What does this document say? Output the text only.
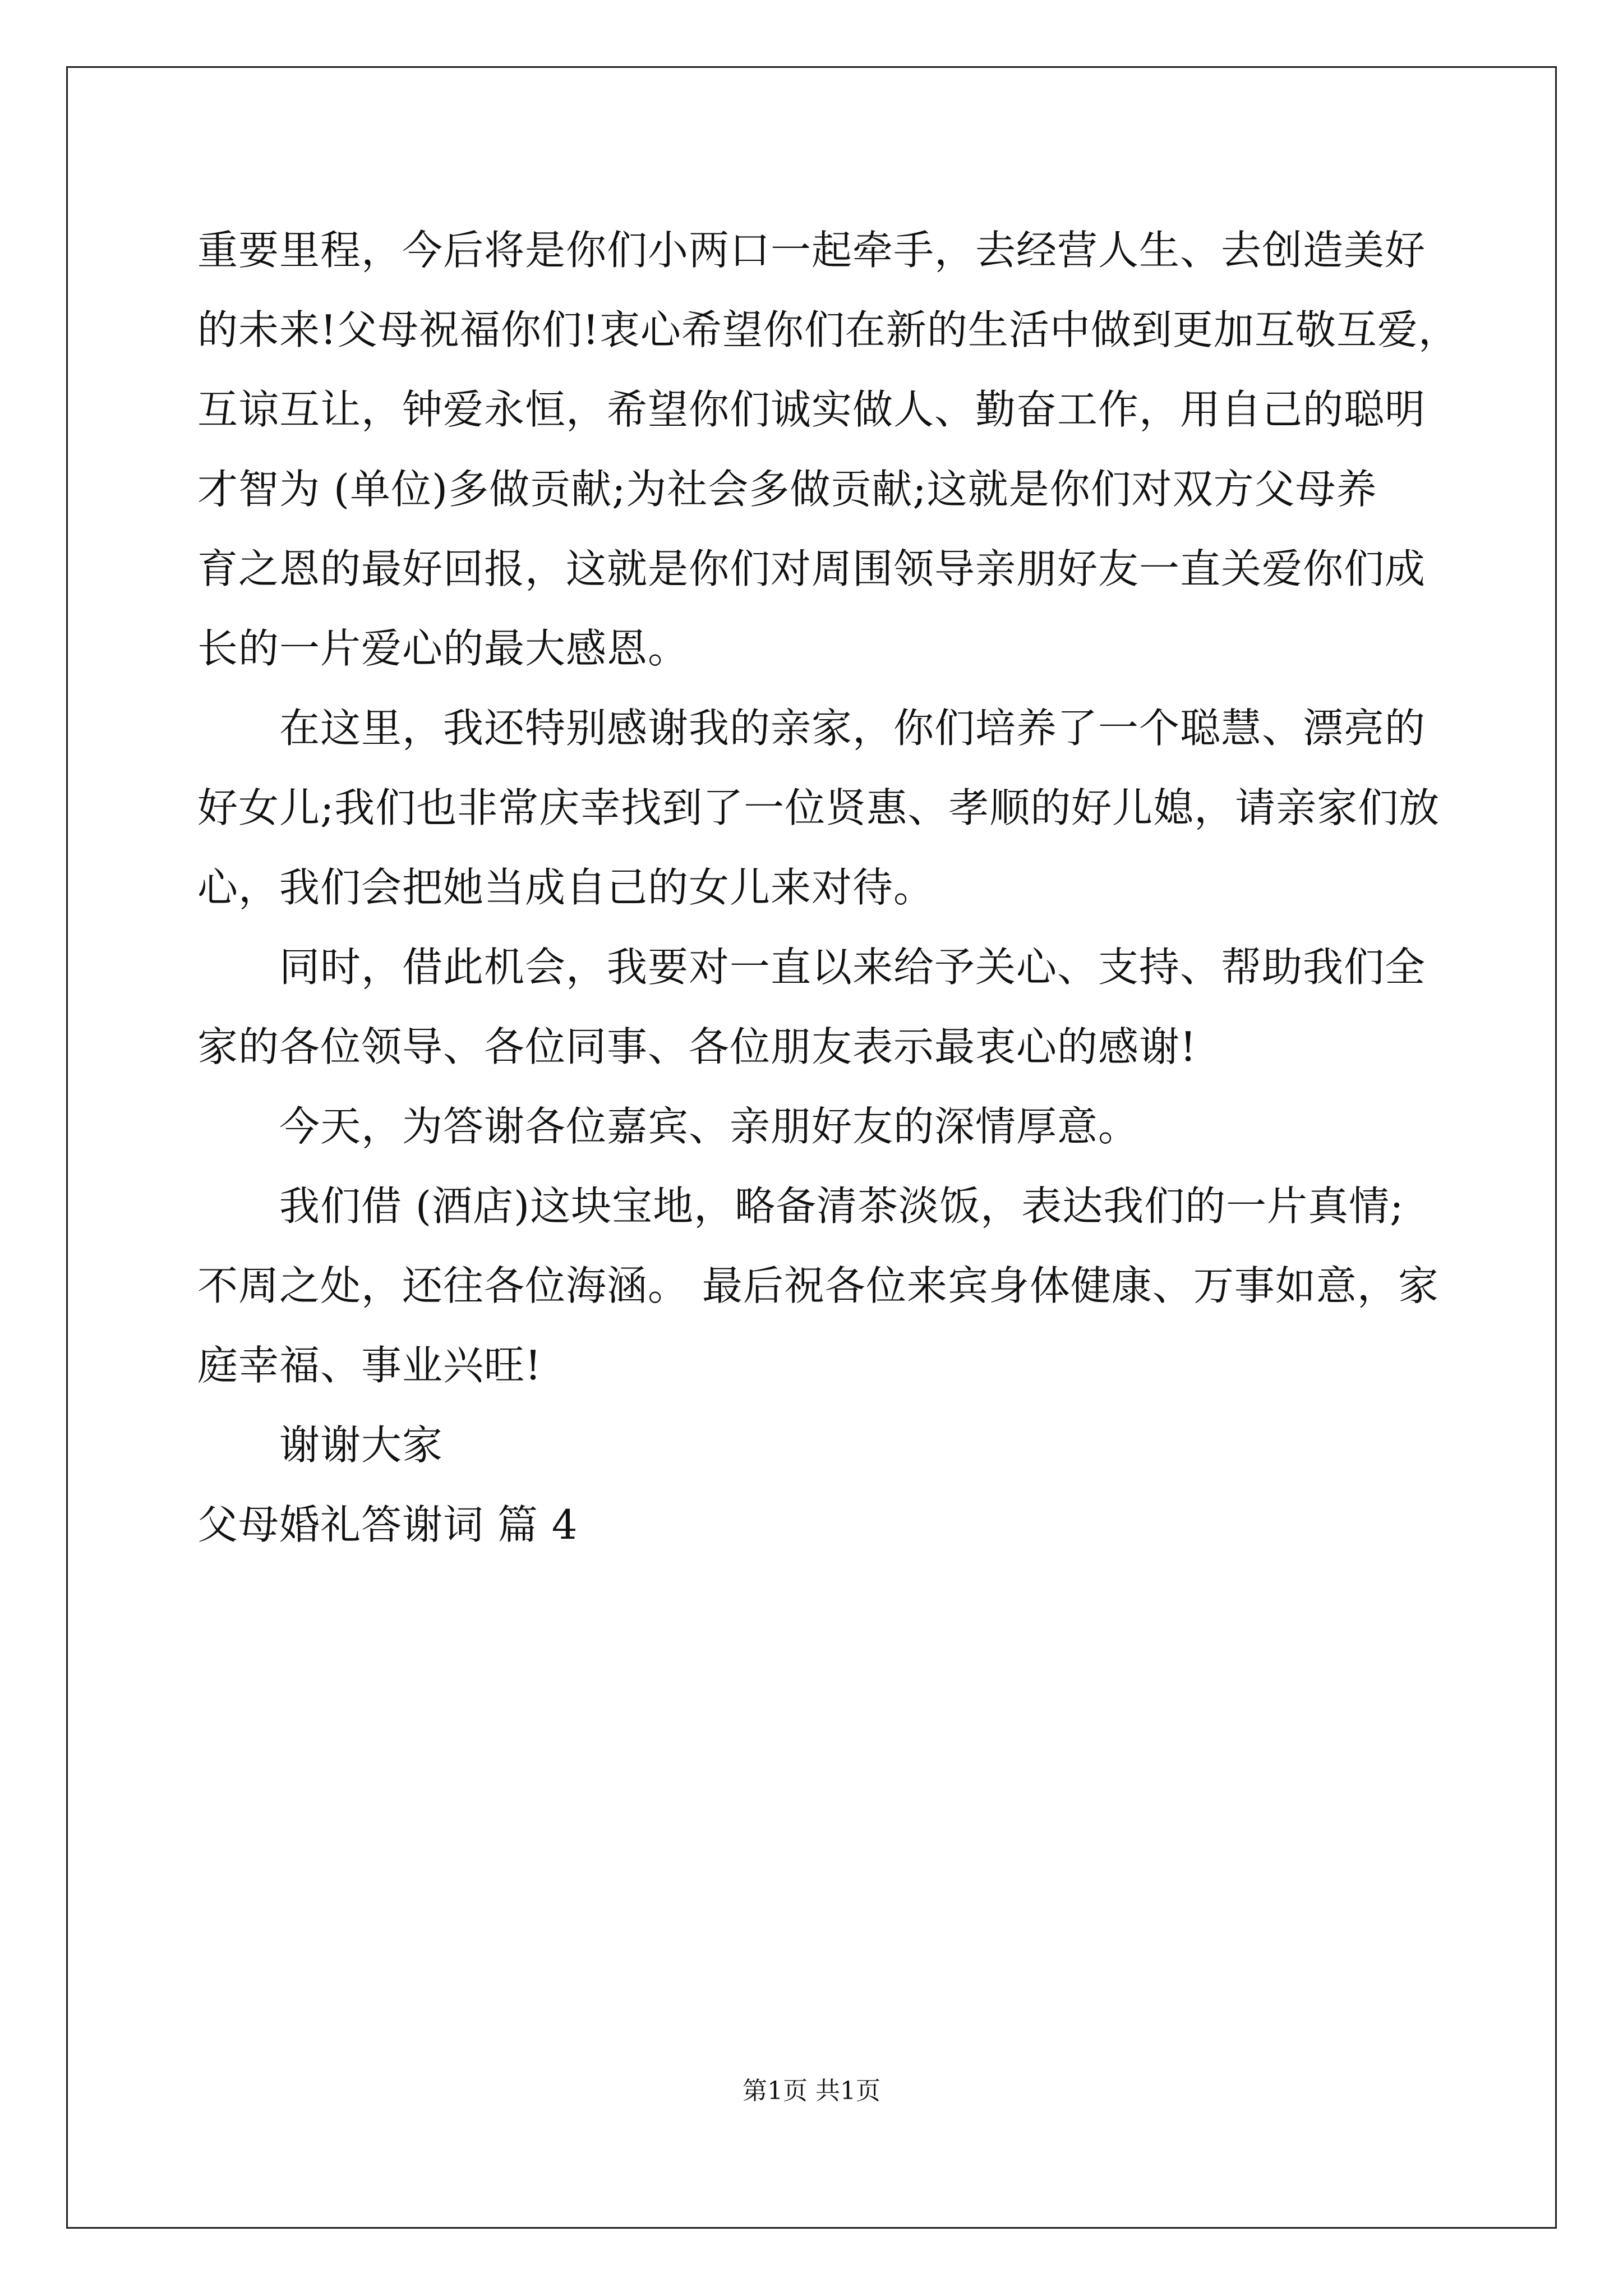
重要里程，今后将是你们小两口一起牵手，去经营人生、去创造美好
的未来!父母祝福你们!衷心希望你们在新的生活中做到更加互敬互爱，
互谅互让，钟爱永恒，希望你们诚实做人、勤奋工作，用自己的聪明
才智为 (单位)多做贡献;为社会多做贡献;这就是你们对双方父母养
育之恩的最好回报，这就是你们对周围领导亲朋好友一直关爱你们成
长的一片爱心的最大感恩。
在这里，我还特别感谢我的亲家，你们培养了一个聪慧、漂亮的
好女儿;我们也非常庆幸找到了一位贤惠、孝顺的好儿媳，请亲家们放
心，我们会把她当成自己的女儿来对待。
同时，借此机会，我要对一直以来给予关心、支持、帮助我们全
家的各位领导、各位同事、各位朋友表示最衷心的感谢!
今天，为答谢各位嘉宾、亲朋好友的深情厚意。
我们借 (酒店)这块宝地，略备清茶淡饭，表达我们的一片真情;
不周之处，还往各位海涵。 最后祝各位来宾身体健康、万事如意，家
庭幸福、事业兴旺!
谢谢大家
父母婚礼答谢词 篇 4
第1页 共1页
